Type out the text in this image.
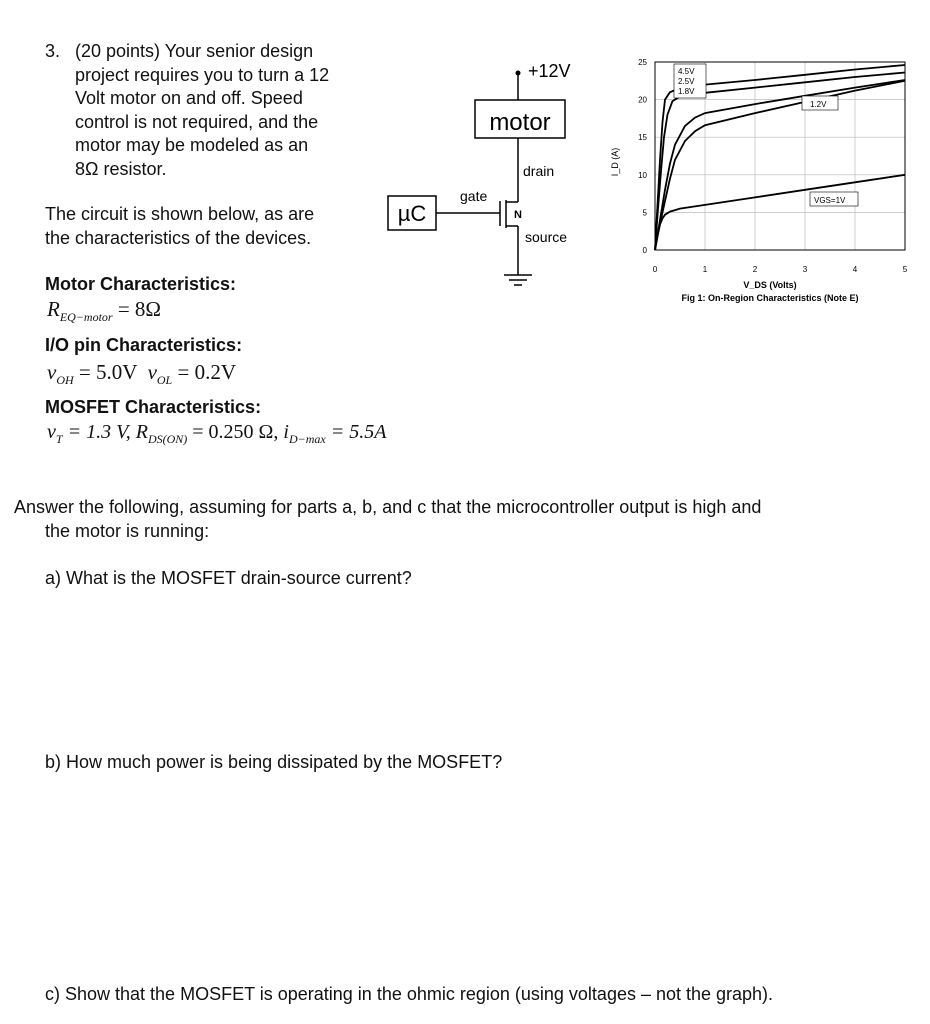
3. (20 points) Your senior design
project requires you to turn a 12
Volt motor on and off. Speed
control is not required, and the
motor may be modeled as an
8Ω resistor.
The circuit is shown below, as are
the characteristics of the devices.
Motor Characteristics:
$R_{EQ-motor} = 8\Omega$
I/O pin Characteristics:
$v_{OH} = 5.0V$ $v_{OL} = 0.2V$
MOSFET Characteristics:
$v_T = 1.3$ V, $R_{DS(ON)} = 0.250$ Ω, $i_{D-max} = 5.5A$
+12V
motor
drain
µC
gate
N
source
0
5
10
15
20
25
0	1	2	3	4	5
I_D (A)
V_DS (Volts)
Fig 1: On-Region Characteristics (Note E)
4.5V
2.5V
1.8V
1.2V
VGS=1V
Answer the following, assuming for parts a, b, and c that the microcontroller output is high and
the motor is running:
a) What is the MOSFET drain-source current?
b) How much power is being dissipated by the MOSFET?
c) Show that the MOSFET is operating in the ohmic region (using voltages – not the graph).
